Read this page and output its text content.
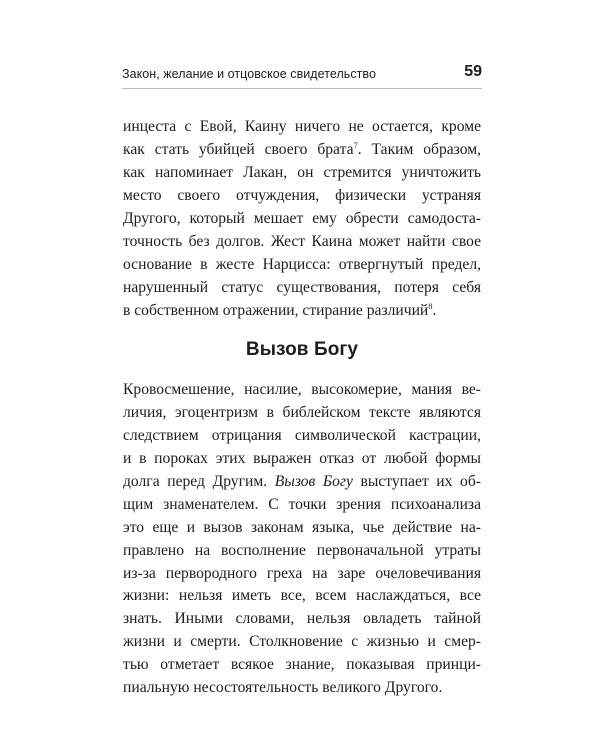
Закон, желание и отцовское свидетельство	59
инцеста с Евой, Каину ничего не остается, кроме
как стать убийцей своего брата$^7$. Таким образом,
как напоминает Лакан, он стремится уничтожить
место своего отчуждения, физически устраняя
Другого, который мешает ему обрести самодоста-
точность без долгов. Жест Каина может найти свое
основание в жесте Нарцисса: отвергнутый предел,
нарушенный статус существования, потеря себя
в собственном отражении, стирание различий$^8$.
Вызов Богу
Кровосмешение, насилие, высокомерие, мания ве-
личия, эгоцентризм в библейском тексте являются
следствием отрицания символической кастрации,
и в пороках этих выражен отказ от любой формы
долга перед Другим. Вызов Богу выступает их об-
щим знаменателем. С точки зрения психоанализа
это еще и вызов законам языка, чье действие на-
правлено на восполнение первоначальной утраты
из-за первородного греха на заре очеловечивания
жизни: нельзя иметь все, всем наслаждаться, все
знать. Иными словами, нельзя овладеть тайной
жизни и смерти. Столкновение с жизнью и смер-
тью отметает всякое знание, показывая принци-
пиальную несостоятельность великого Другого.
